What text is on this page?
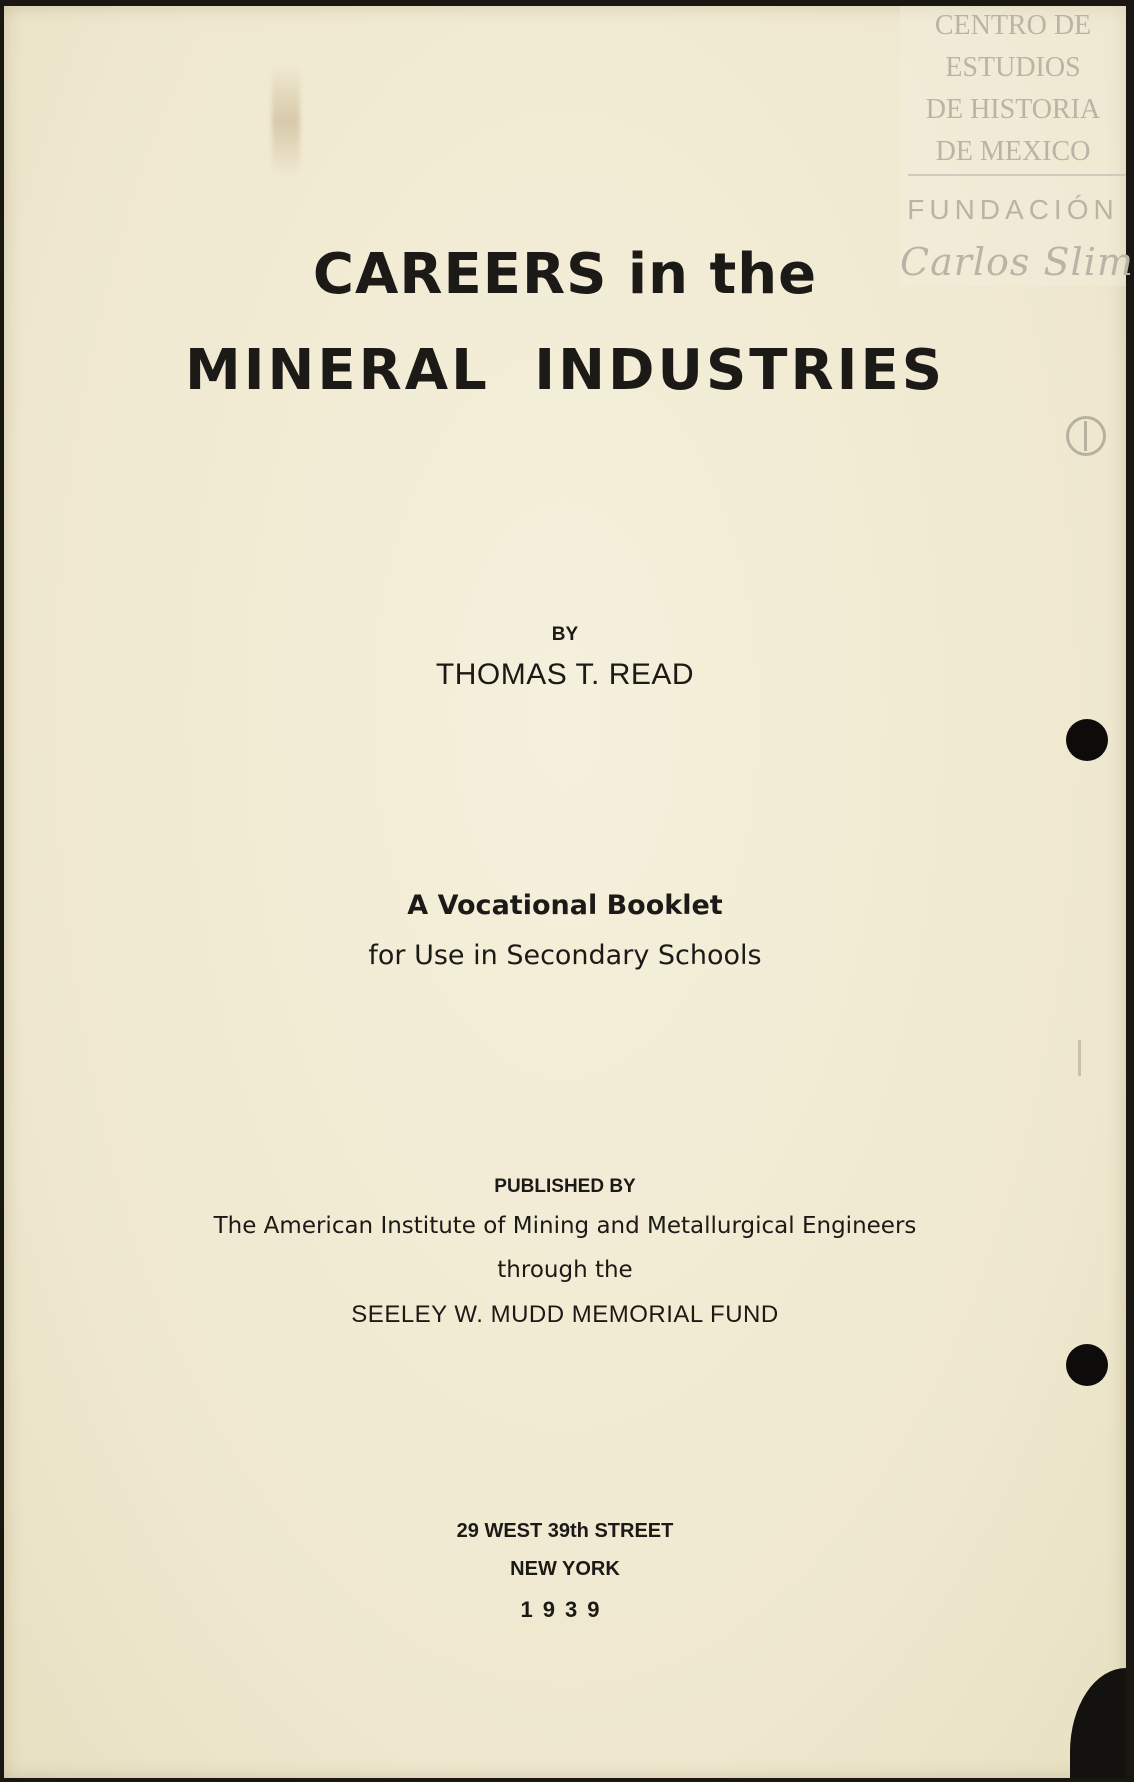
CENTRO DE
ESTUDIOS
DE HISTORIA
DE MEXICO
FUNDACIÓN
Carlos Slim
CAREERS in the
MINERAL INDUSTRIES
BY
THOMAS T. READ
A Vocational Booklet
for Use in Secondary Schools
PUBLISHED BY
The American Institute of Mining and Metallurgical Engineers
through the
SEELEY W. MUDD MEMORIAL FUND
29 WEST 39th STREET
NEW YORK
1939
